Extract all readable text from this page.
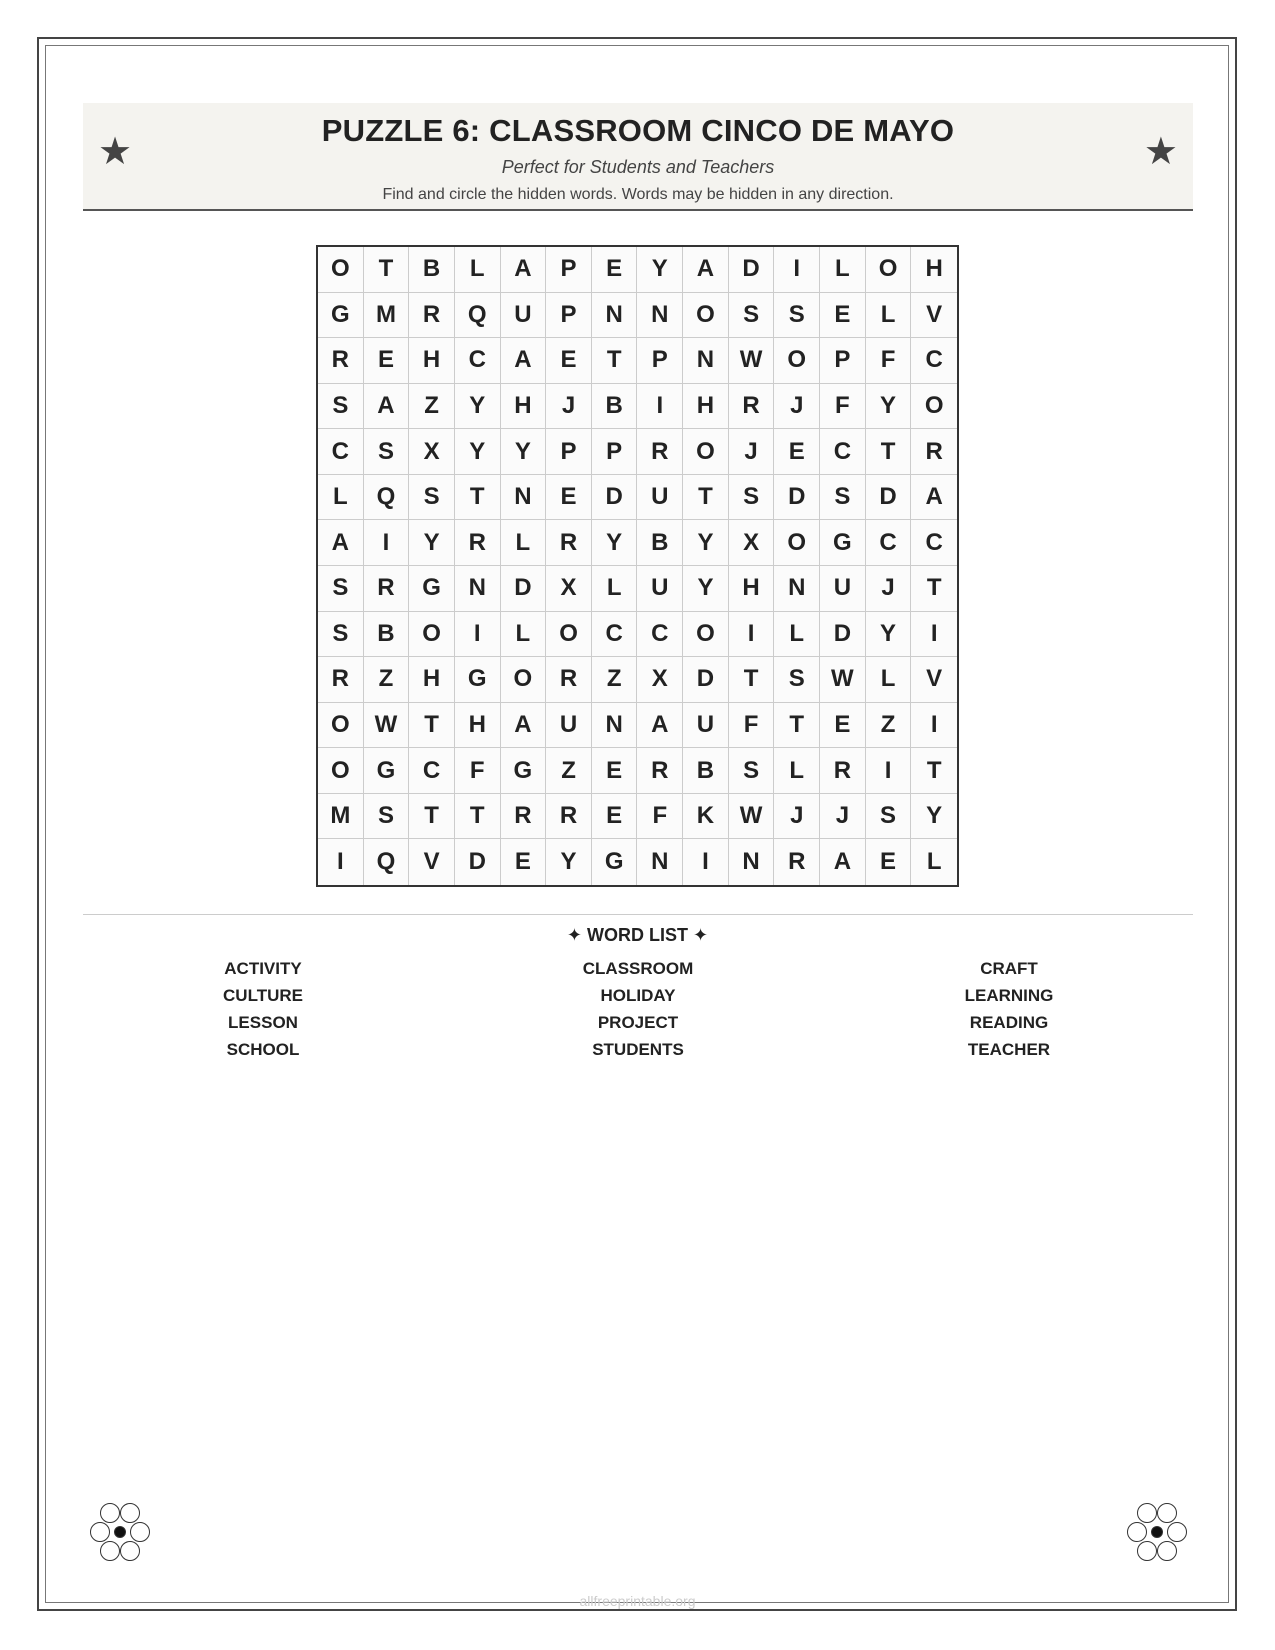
★
PUZZLE 6: CLASSROOM CINCO DE MAYO
Perfect for Students and Teachers
Find and circle the hidden words. Words may be hidden in any direction.
★
O	T	B	L	A	P	E	Y	A	D	I	L	O	H
G	M	R	Q	U	P	N	N	O	S	S	E	L	V
R	E	H	C	A	E	T	P	N	W	O	P	F	C
S	A	Z	Y	H	J	B	I	H	R	J	F	Y	O
C	S	X	Y	Y	P	P	R	O	J	E	C	T	R
L	Q	S	T	N	E	D	U	T	S	D	S	D	A
A	I	Y	R	L	R	Y	B	Y	X	O	G	C	C
S	R	G	N	D	X	L	U	Y	H	N	U	J	T
S	B	O	I	L	O	C	C	O	I	L	D	Y	I
R	Z	H	G	O	R	Z	X	D	T	S	W	L	V
O	W	T	H	A	U	N	A	U	F	T	E	Z	I
O	G	C	F	G	Z	E	R	B	S	L	R	I	T
M	S	T	T	R	R	E	F	K	W	J	J	S	Y
I	Q	V	D	E	Y	G	N	I	N	R	A	E	L
✦ WORD LIST ✦
ACTIVITY
CULTURE
LESSON
SCHOOL
CLASSROOM
HOLIDAY
PROJECT
STUDENTS
CRAFT
LEARNING
READING
TEACHER
allfreeprintable.org
